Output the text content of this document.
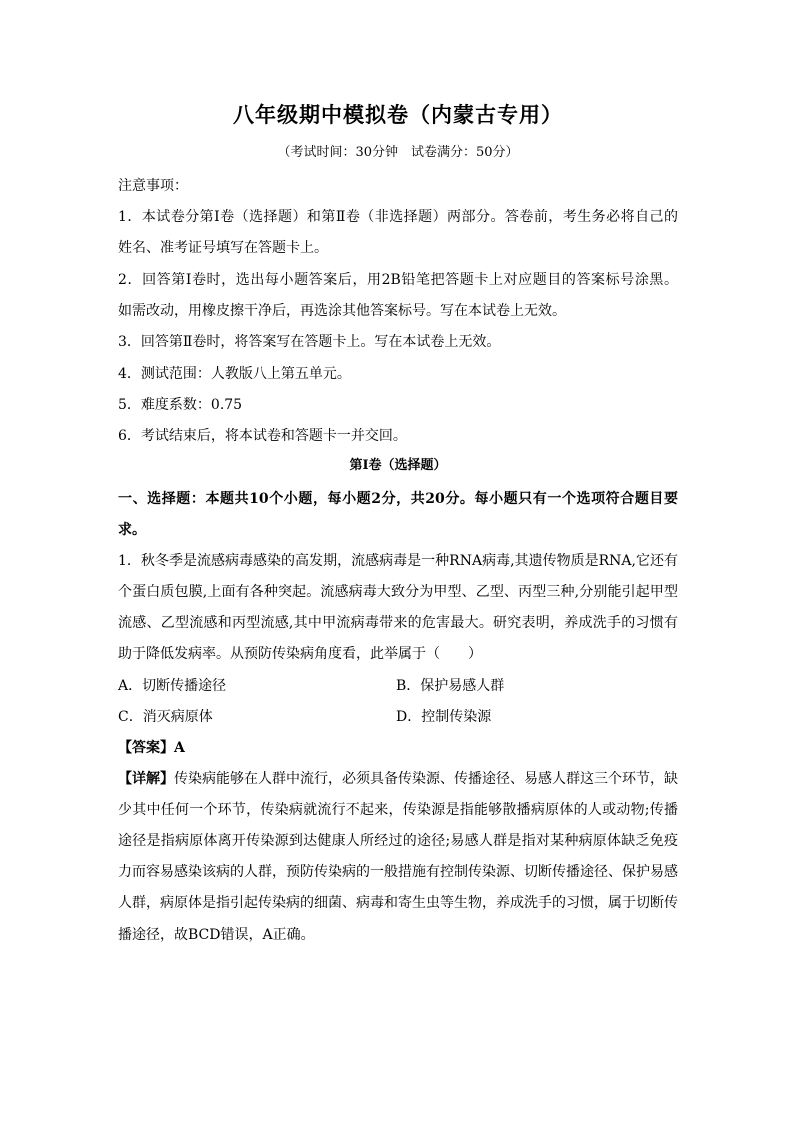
八年级期中模拟卷（内蒙古专用）
（考试时间：30分钟　试卷满分：50分）
注意事项：
1．本试卷分第Ⅰ卷（选择题）和第Ⅱ卷（非选择题）两部分。答卷前，考生务必将自己的
姓名、准考证号填写在答题卡上。
2．回答第Ⅰ卷时，选出每小题答案后，用2B铅笔把答题卡上对应题目的答案标号涂黑。
如需改动，用橡皮擦干净后，再选涂其他答案标号。写在本试卷上无效。
3．回答第Ⅱ卷时，将答案写在答题卡上。写在本试卷上无效。
4．测试范围：人教版八上第五单元。
5．难度系数：0.75
6．考试结束后，将本试卷和答题卡一并交回。
第Ⅰ卷（选择题）
一、选择题：本题共10个小题，每小题2分，共20分。每小题只有一个选项符合题目要
求。
1．秋冬季是流感病毒感染的高发期，流感病毒是一种RNA病毒,其遗传物质是RNA,它还有
个蛋白质包膜,上面有各种突起。流感病毒大致分为甲型、乙型、丙型三种,分别能引起甲型
流感、乙型流感和丙型流感,其中甲流病毒带来的危害最大。研究表明，养成洗手的习惯有
助于降低发病率。从预防传染病角度看，此举属于（　　）
A．切断传播途径	B．保护易感人群
C．消灭病原体	D．控制传染源
【答案】A
【详解】传染病能够在人群中流行，必须具备传染源、传播途径、易感人群这三个环节，缺
少其中任何一个环节，传染病就流行不起来，传染源是指能够散播病原体的人或动物;传播
途径是指病原体离开传染源到达健康人所经过的途径;易感人群是指对某种病原体缺乏免疫
力而容易感染该病的人群，预防传染病的一般措施有控制传染源、切断传播途径、保护易感
人群，病原体是指引起传染病的细菌、病毒和寄生虫等生物，养成洗手的习惯，属于切断传
播途径，故BCD错误，A正确。
